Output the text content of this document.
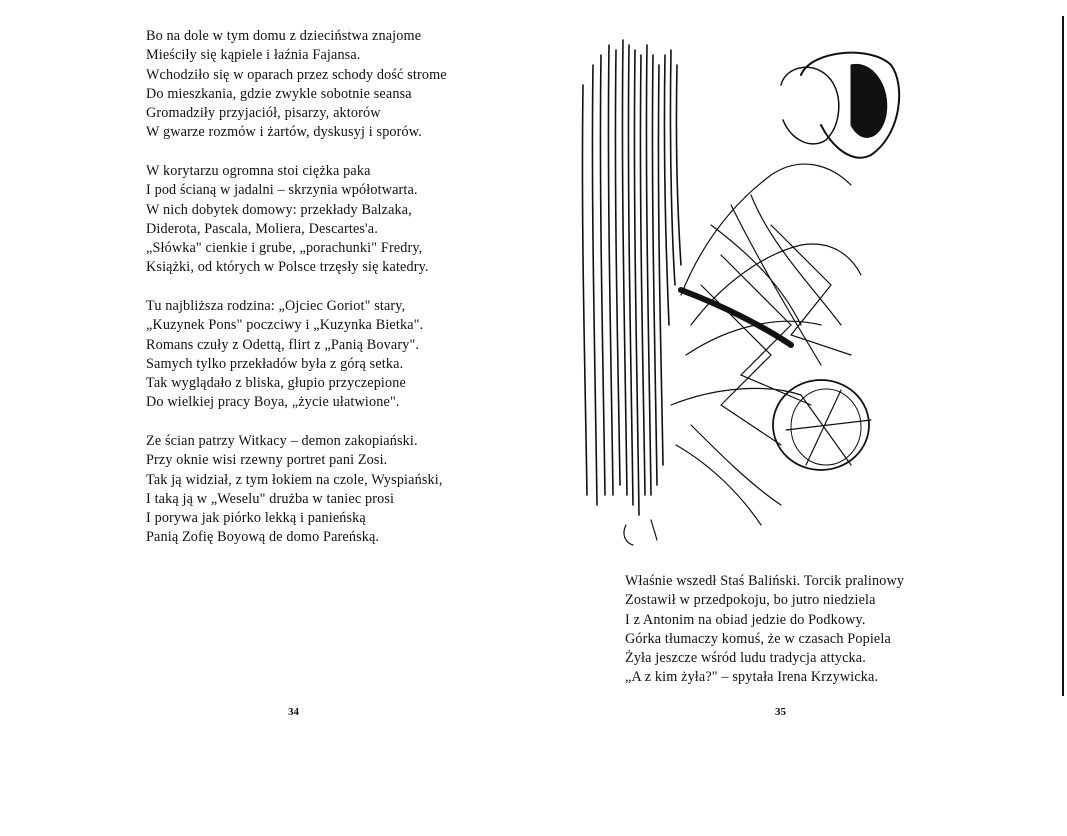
Bo na dole w tym domu z dzieciństwa znajome
Mieściły się kąpiele i łaźnia Fajansa.
Wchodziło się w oparach przez schody dość strome
Do mieszkania, gdzie zwykle sobotnie seansa
Gromadziły przyjaciół, pisarzy, aktorów
W gwarze rozmów i żartów, dyskusyj i sporów.
W korytarzu ogromna stoi ciężka paka
I pod ścianą w jadalni – skrzynia wpółotwarta.
W nich dobytek domowy: przekłady Balzaka,
Diderota, Pascala, Moliera, Descartes'a.
„Słówka" cienkie i grube, „porachunki" Fredry,
Książki, od których w Polsce trzęsły się katedry.
Tu najbliższa rodzina: „Ojciec Goriot" stary,
„Kuzynek Pons" poczciwy i „Kuzynka Bietka".
Romans czuły z Odettą, flirt z „Panią Bovary".
Samych tylko przekładów była z górą setka.
Tak wyglądało z bliska, głupio przyczepione
Do wielkiej pracy Boya, „życie ułatwione".
Ze ścian patrzy Witkacy – demon zakopiański.
Przy oknie wisi rzewny portret pani Zosi.
Tak ją widział, z tym łokiem na czole, Wyspiański,
I taką ją w „Weselu" drużba w taniec prosi
I porywa jak piórko lekką i panieńską
Panią Zofię Boyową de domo Pareńską.
34
Właśnie wszedł Staś Baliński. Torcik pralinowy
Zostawił w przedpokoju, bo jutro niedziela
I z Antonim na obiad jedzie do Podkowy.
Górka tłumaczy komuś, że w czasach Popiela
Żyła jeszcze wśród ludu tradycja attycka.
„A z kim żyła?" – spytała Irena Krzywicka.
35
